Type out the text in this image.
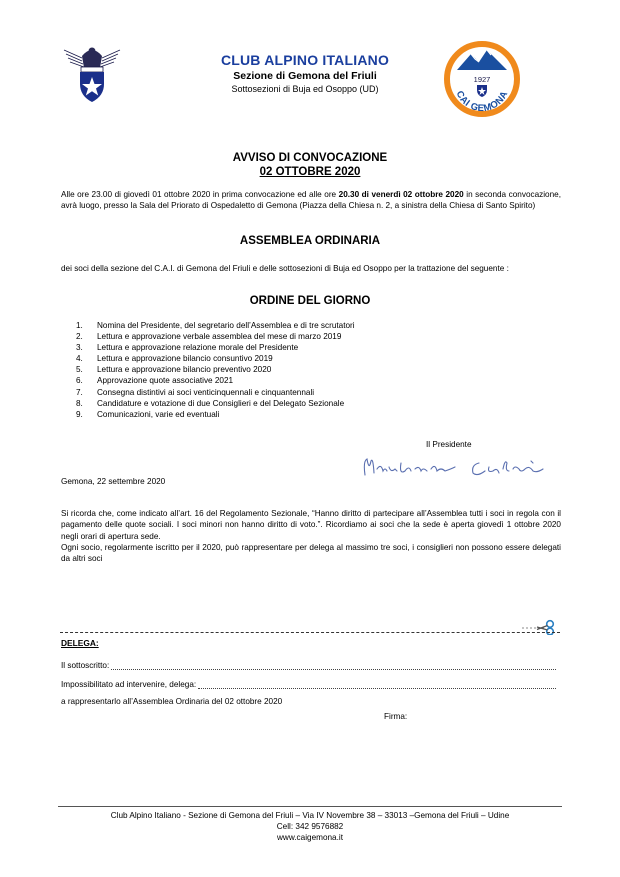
CLUB ALPINO ITALIANO
Sezione di Gemona del Friuli
Sottosezioni di Buja ed Osoppo (UD)
1927
CAI GEMONA
AVVISO DI CONVOCAZIONE
02 OTTOBRE 2020
Alle ore 23.00 di giovedì 01 ottobre 2020 in prima convocazione ed alle ore 20.30 di venerdì 02 ottobre 2020 in seconda convocazione, avrà luogo, presso la Sala del Priorato di Ospedaletto di Gemona (Piazza della Chiesa n. 2, a sinistra della Chiesa di Santo Spirito)
ASSEMBLEA ORDINARIA
dei soci della sezione del C.A.I. di Gemona del Friuli e delle sottosezioni di Buja ed Osoppo per la trattazione del seguente :
ORDINE DEL GIORNO
1.	Nomina del Presidente, del segretario dell’Assemblea e di tre scrutatori
2.	Lettura e approvazione verbale assemblea del mese di marzo 2019
3.	Lettura e approvazione relazione morale del Presidente
4.	Lettura e approvazione bilancio consuntivo 2019
5.	Lettura e approvazione bilancio preventivo 2020
6.	Approvazione quote associative 2021
7.	Consegna distintivi ai soci venticinquennali e cinquantennali
8.	Candidature e votazione di due Consiglieri e del Delegato Sezionale
9.	Comunicazioni, varie ed eventuali
Il Presidente
Gemona, 22 settembre 2020
Si ricorda che, come indicato all’art. 16 del Regolamento Sezionale, “Hanno diritto di partecipare all’Assemblea tutti i soci in regola con il pagamento delle quote sociali. I soci minori non hanno diritto di voto.”. Ricordiamo ai soci che la sede è aperta giovedì 1 ottobre 2020 negli orari di apertura sede.
Ogni socio, regolarmente iscritto per il 2020, può rappresentare per delega al massimo tre soci, i consiglieri non possono essere delegati da altri soci
DELEGA:
Il sottoscritto:
Impossibilitato ad intervenire, delega:
a rappresentarlo all’Assemblea Ordinaria del 02 ottobre 2020
Firma:
Club Alpino Italiano - Sezione di Gemona del Friuli – Via IV Novembre 38 – 33013 –Gemona del Friuli – Udine
Cell: 342 9576882
www.caigemona.it
